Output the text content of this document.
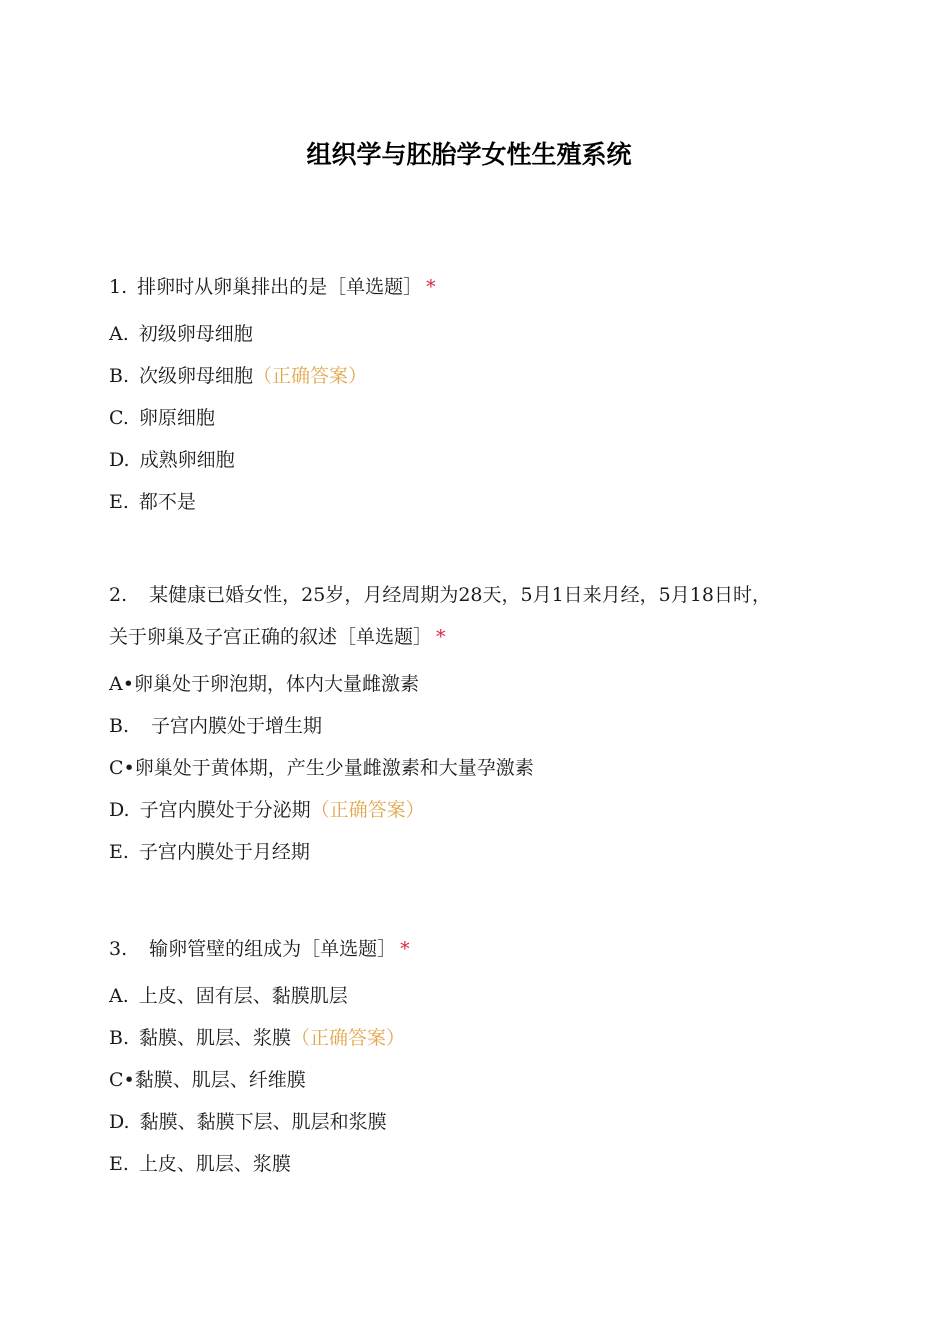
组织学与胚胎学女性生殖系统

1. 排卵时从卵巢排出的是［单选题］ *

A. 初级卵母细胞

B. 次级卵母细胞（正确答案）

C. 卵原细胞

D. 成熟卵细胞

E. 都不是

2. 某健康已婚女性，25岁，月经周期为28天，5月1日来月经，5月18日时，
关于卵巢及子宫正确的叙述［单选题］ *

A•卵巢处于卵泡期，体内大量雌激素

B. 子宫内膜处于增生期

C•卵巢处于黄体期，产生少量雌激素和大量孕激素

D. 子宫内膜处于分泌期（正确答案）

E. 子宫内膜处于月经期

3. 输卵管壁的组成为［单选题］ *

A. 上皮、固有层、黏膜肌层

B. 黏膜、肌层、浆膜（正确答案）

C•黏膜、肌层、纤维膜

D. 黏膜、黏膜下层、肌层和浆膜

E. 上皮、肌层、浆膜
